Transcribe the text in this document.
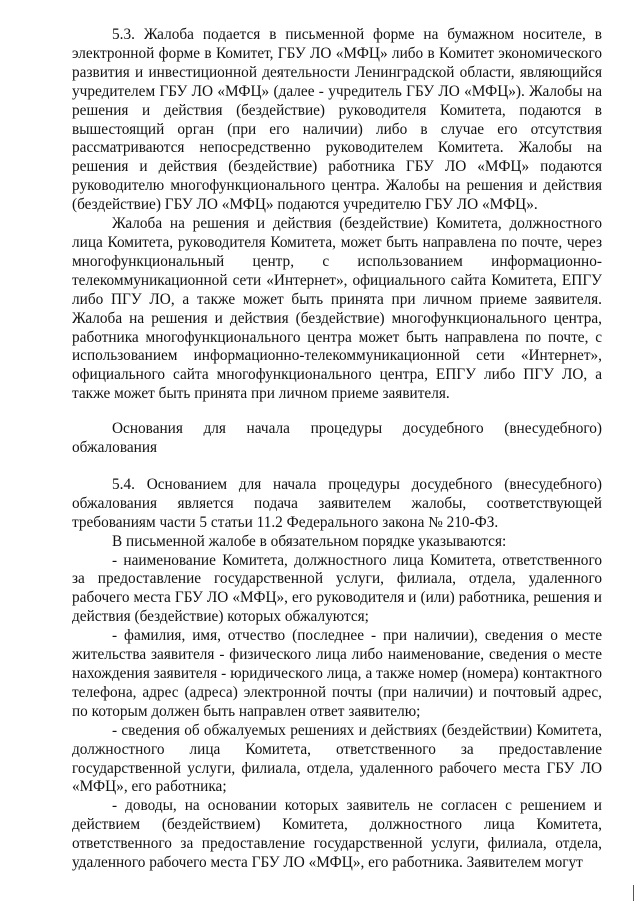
5.3. Жалоба подается в письменной форме на бумажном носителе, в электронной форме в Комитет, ГБУ ЛО «МФЦ» либо в Комитет экономического развития и инвестиционной деятельности Ленинградской области, являющийся учредителем ГБУ ЛО «МФЦ» (далее - учредитель ГБУ ЛО «МФЦ»). Жалобы на решения и действия (бездействие) руководителя Комитета, подаются в вышестоящий орган (при его наличии) либо в случае его отсутствия рассматриваются непосредственно руководителем Комитета. Жалобы на решения и действия (бездействие) работника ГБУ ЛО «МФЦ» подаются руководителю многофункционального центра. Жалобы на решения и действия (бездействие) ГБУ ЛО «МФЦ» подаются учредителю ГБУ ЛО «МФЦ».

Жалоба на решения и действия (бездействие) Комитета, должностного лица Комитета, руководителя Комитета, может быть направлена по почте, через многофункциональный центр, с использованием информационно-телекоммуникационной сети «Интернет», официального сайта Комитета, ЕПГУ либо ПГУ ЛО, а также может быть принята при личном приеме заявителя. Жалоба на решения и действия (бездействие) многофункционального центра, работника многофункционального центра может быть направлена по почте, с использованием информационно-телекоммуникационной сети «Интернет», официального сайта многофункционального центра, ЕПГУ либо ПГУ ЛО, а также может быть принята при личном приеме заявителя.

Основания для начала процедуры досудебного (внесудебного) обжалования

5.4. Основанием для начала процедуры досудебного (внесудебного) обжалования является подача заявителем жалобы, соответствующей требованиям части 5 статьи 11.2 Федерального закона № 210-ФЗ.

В письменной жалобе в обязательном порядке указываются:

- наименование Комитета, должностного лица Комитета, ответственного за предоставление государственной услуги, филиала, отдела, удаленного рабочего места ГБУ ЛО «МФЦ», его руководителя и (или) работника, решения и действия (бездействие) которых обжалуются;

- фамилия, имя, отчество (последнее - при наличии), сведения о месте жительства заявителя - физического лица либо наименование, сведения о месте нахождения заявителя - юридического лица, а также номер (номера) контактного телефона, адрес (адреса) электронной почты (при наличии) и почтовый адрес, по которым должен быть направлен ответ заявителю;

- сведения об обжалуемых решениях и действиях (бездействии) Комитета, должностного лица Комитета, ответственного за предоставление государственной услуги, филиала, отдела, удаленного рабочего места ГБУ ЛО «МФЦ», его работника;

- доводы, на основании которых заявитель не согласен с решением и действием (бездействием) Комитета, должностного лица Комитета, ответственного за предоставление государственной услуги, филиала, отдела, удаленного рабочего места ГБУ ЛО «МФЦ», его работника. Заявителем могут
